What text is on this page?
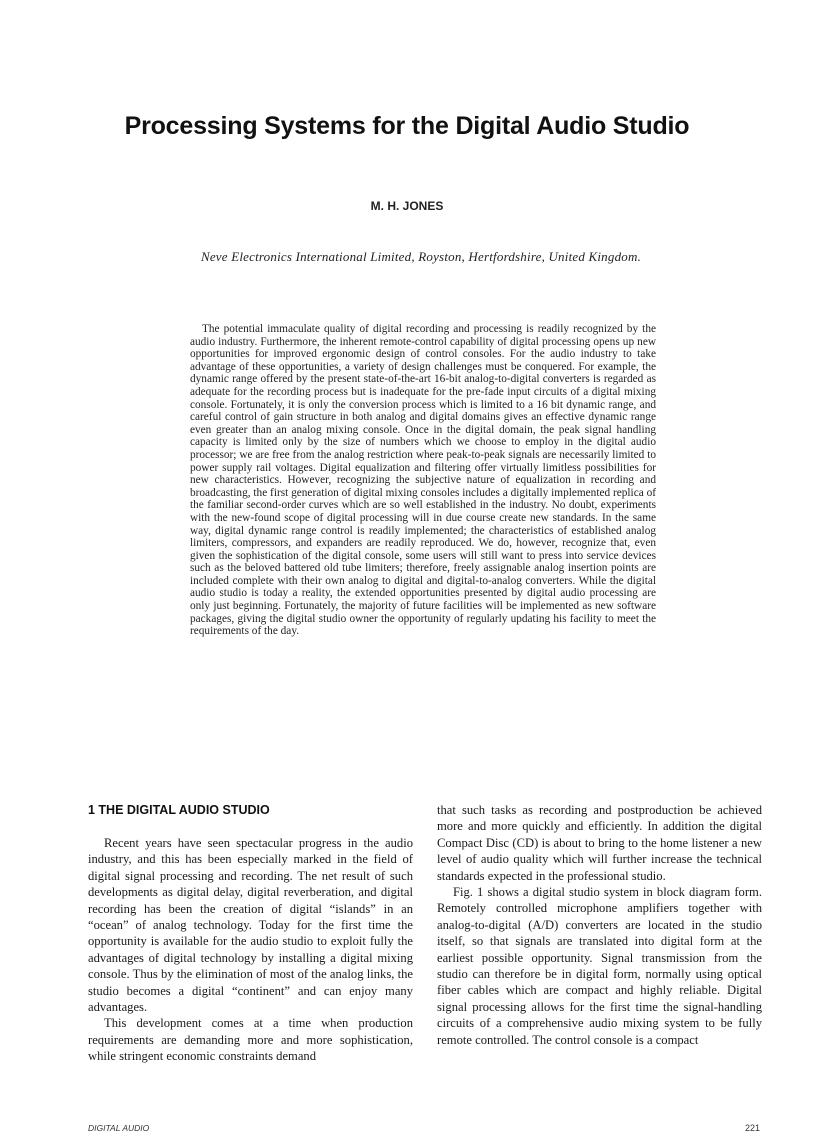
Processing Systems for the Digital Audio Studio
M. H. JONES
Neve Electronics International Limited, Royston, Hertfordshire, United Kingdom.

The potential immaculate quality of digital recording and processing is readily recognized by the audio industry. Furthermore, the inherent remote-control capability of digital processing opens up new opportunities for improved ergonomic design of control consoles. For the audio industry to take advantage of these opportunities, a variety of design challenges must be conquered. For example, the dynamic range offered by the present state-of-the-art 16-bit analog-to-digital converters is regarded as adequate for the recording process but is inadequate for the pre-fade input circuits of a digital mixing console. Fortunately, it is only the conversion process which is limited to a 16 bit dynamic range, and careful control of gain structure in both analog and digital domains gives an effective dynamic range even greater than an analog mixing console. Once in the digital domain, the peak signal handling capacity is limited only by the size of numbers which we choose to employ in the digital audio processor; we are free from the analog restriction where peak-to-peak signals are necessarily limited to power supply rail voltages. Digital equalization and filtering offer virtually limitless possibilities for new characteristics. However, recognizing the subjective nature of equalization in recording and broadcasting, the first generation of digital mixing consoles includes a digitally implemented replica of the familiar second-order curves which are so well established in the industry. No doubt, experiments with the new-found scope of digital processing will in due course create new standards. In the same way, digital dynamic range control is readily implemented; the characteristics of established analog limiters, compressors, and expanders are readily reproduced. We do, however, recognize that, even given the sophistication of the digital console, some users will still want to press into service devices such as the beloved battered old tube limiters; therefore, freely assignable analog insertion points are included complete with their own analog to digital and digital-to-analog converters. While the digital audio studio is today a reality, the extended opportunities presented by digital audio processing are only just beginning. Fortunately, the majority of future facilities will be implemented as new software packages, giving the digital studio owner the opportunity of regularly updating his facility to meet the requirements of the day.

1 THE DIGITAL AUDIO STUDIO

Recent years have seen spectacular progress in the audio industry, and this has been especially marked in the field of digital signal processing and recording. The net result of such developments as digital delay, digital reverberation, and digital recording has been the creation of digital “islands” in an “ocean” of analog technology. Today for the first time the opportunity is available for the audio studio to exploit fully the advantages of digital technology by installing a digital mixing console. Thus by the elimination of most of the analog links, the studio becomes a digital “continent” and can enjoy many advantages.

This development comes at a time when production requirements are demanding more and more sophistication, while stringent economic constraints demand

that such tasks as recording and postproduction be achieved more and more quickly and efficiently. In addition the digital Compact Disc (CD) is about to bring to the home listener a new level of audio quality which will further increase the technical standards expected in the professional studio.

Fig. 1 shows a digital studio system in block diagram form. Remotely controlled microphone amplifiers together with analog-to-digital (A/D) converters are located in the studio itself, so that signals are translated into digital form at the earliest possible opportunity. Signal transmission from the studio can therefore be in digital form, normally using optical fiber cables which are compact and highly reliable. Digital signal processing allows for the first time the signal-handling circuits of a comprehensive audio mixing system to be fully remote controlled. The control console is a compact

DIGITAL AUDIO	221
